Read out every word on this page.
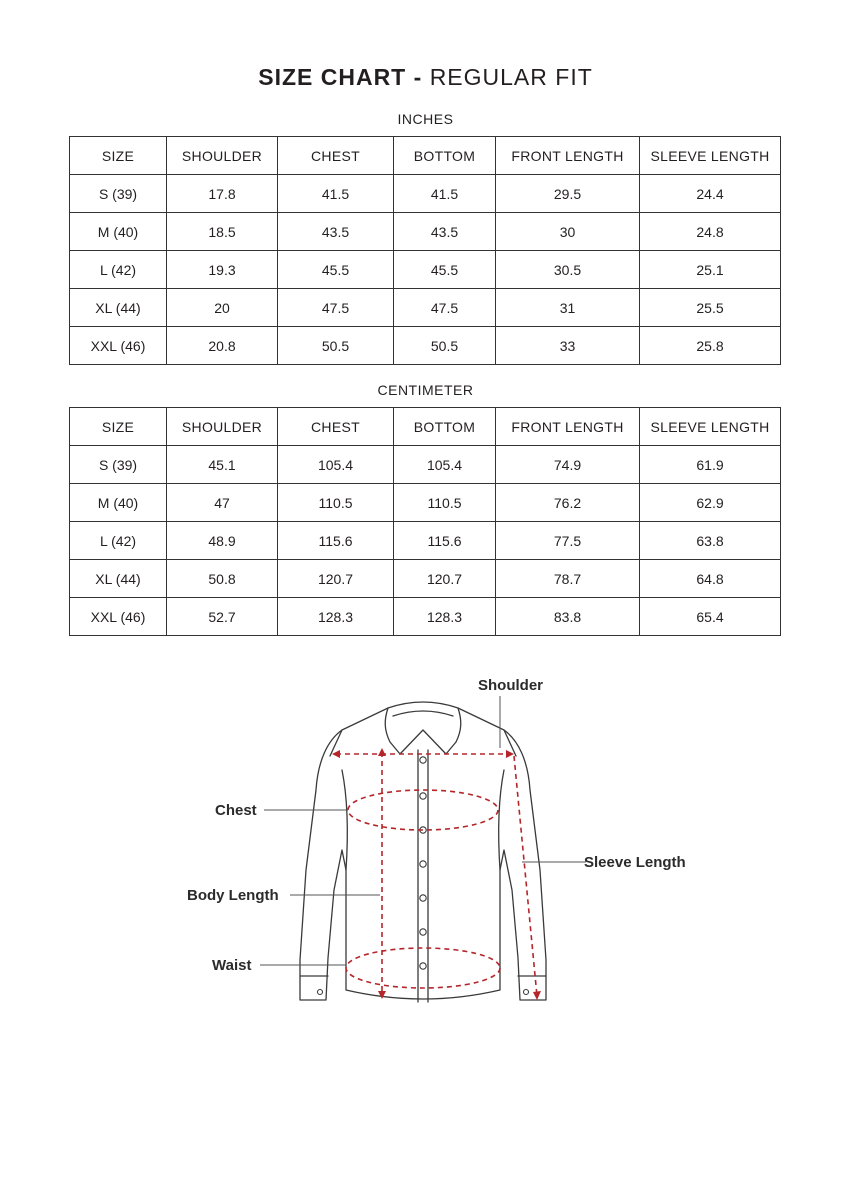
SIZE CHART - REGULAR FIT
INCHES
SIZE	SHOULDER	CHEST	BOTTOM	FRONT LENGTH	SLEEVE LENGTH
S (39)	17.8	41.5	41.5	29.5	24.4
M (40)	18.5	43.5	43.5	30	24.8
L (42)	19.3	45.5	45.5	30.5	25.1
XL (44)	20	47.5	47.5	31	25.5
XXL (46)	20.8	50.5	50.5	33	25.8
CENTIMETER
SIZE	SHOULDER	CHEST	BOTTOM	FRONT LENGTH	SLEEVE LENGTH
S (39)	45.1	105.4	105.4	74.9	61.9
M (40)	47	110.5	110.5	76.2	62.9
L (42)	48.9	115.6	115.6	77.5	63.8
XL (44)	50.8	120.7	120.7	78.7	64.8
XXL (46)	52.7	128.3	128.3	83.8	65.4
Shoulder
Chest
Sleeve Length
Body Length
Waist
